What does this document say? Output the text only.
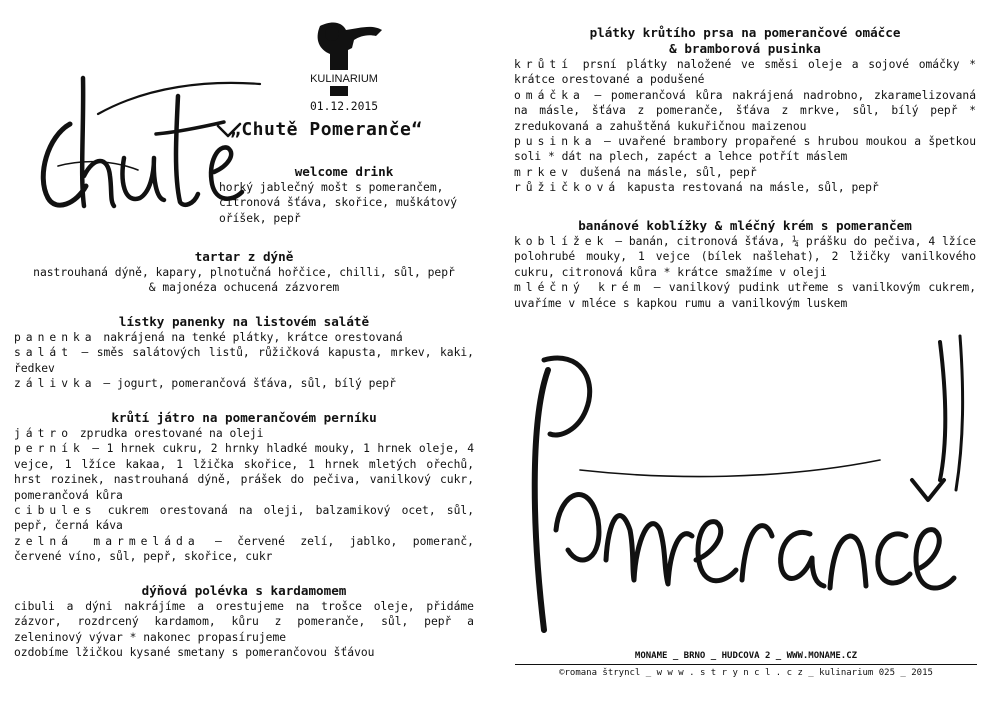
KULINARIUM
01.12.2015
„Chutě Pomeranče“
welcome drink
horký jablečný mošt s pomerančem,
citronová šťáva, skořice, muškátový
oříšek, pepř
tartar z dýně
nastrouhaná dýně, kapary, plnotučná hořčice, chilli, sůl, pepř
& majonéza ochucená zázvorem
lístky panenky na listovém salátě
panenka nakrájená na tenké plátky, krátce orestovaná
salát – směs salátových listů, růžičková kapusta, mrkev, kaki, ředkev
zálivka – jogurt, pomerančová šťáva, sůl, bílý pepř
krůtí játro na pomerančovém perníku
játro zprudka orestované na oleji
perník – 1 hrnek cukru, 2 hrnky hladké mouky, 1 hrnek oleje, 4 vejce, 1 lžíce kakaa, 1 lžička skořice, 1 hrnek mletých ořechů, hrst rozinek, nastrouhaná dýně, prášek do pečiva, vanilkový cukr, pomerančová kůra
cibules cukrem orestovaná na oleji, balzamikový ocet, sůl, pepř, černá káva
zelná marmeláda – červené zelí, jablko, pomeranč, červené víno, sůl, pepř, skořice, cukr
dýňová polévka s kardamomem
cibuli a dýni nakrájíme a orestujeme na trošce oleje, přidáme zázvor, rozdrcený kardamom, kůru z pomeranče, sůl, pepř a zeleninový vývar * nakonec propasírujeme
ozdobíme lžičkou kysané smetany s pomerančovou šťávou
plátky krůtího prsa na pomerančové omáčce
& bramborová pusinka
krůtí prsní plátky naložené ve směsi oleje a sojové omáčky * krátce orestované a podušené
omáčka – pomerančová kůra nakrájená nadrobno, zkaramelizovaná na másle, šťáva z pomeranče, šťáva z mrkve, sůl, bílý pepř * zredukovaná a zahuštěná kukuřičnou maizenou
pusinka – uvařené brambory propařené s hrubou moukou a špetkou soli * dát na plech, zapéct a lehce potřít máslem
mrkev dušená na másle, sůl, pepř
růžičková kapusta restovaná na másle, sůl, pepř
banánové koblížky & mléčný krém s pomerančem
koblížek – banán, citronová šťáva, ¼ prášku do pečiva, 4 lžíce polohrubé mouky, 1 vejce (bílek našlehat), 2 lžičky vanilkového cukru, citronová kůra * krátce smažíme v oleji
mléčný krém – vanilkový pudink utřeme s vanilkovým cukrem, uvaříme v mléce s kapkou rumu a vanilkovým luskem
MONAME _ BRNO _ HUDCOVA 2 _ WWW.MONAME.CZ
©romana štryncl _ w w w . s t r y n c l . c z _ kulinarium 025 _ 2015
